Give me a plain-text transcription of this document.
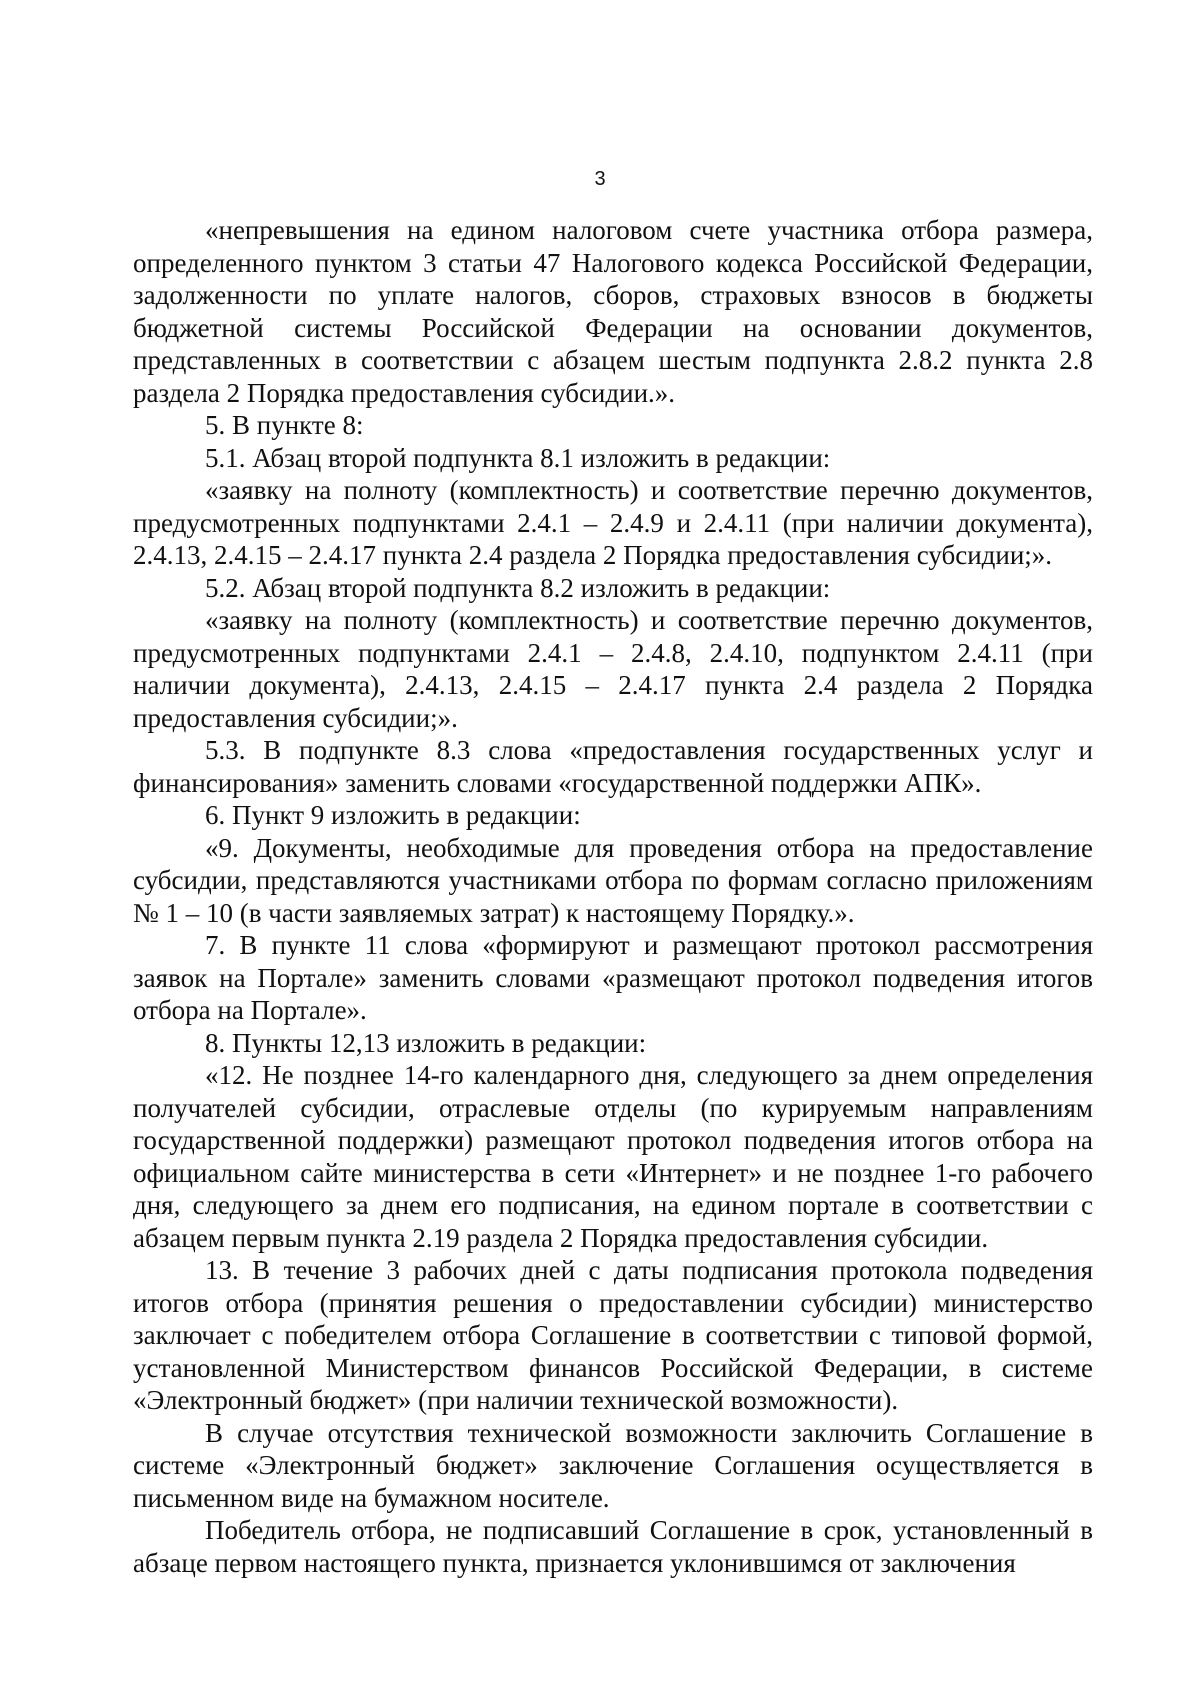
3

«непревышения на едином налоговом счете участника отбора размера, определенного пунктом 3 статьи 47 Налогового кодекса Российской Федерации, задолженности по уплате налогов, сборов, страховых взносов в бюджеты бюджетной системы Российской Федерации на основании документов, представленных в соответствии с абзацем шестым подпункта 2.8.2 пункта 2.8 раздела 2 Порядка предоставления субсидии.».

5. В пункте 8:

5.1. Абзац второй подпункта 8.1 изложить в редакции:

«заявку на полноту (комплектность) и соответствие перечню документов, предусмотренных подпунктами 2.4.1 – 2.4.9 и 2.4.11 (при наличии документа), 2.4.13, 2.4.15 – 2.4.17 пункта 2.4 раздела 2 Порядка предоставления субсидии;».

5.2. Абзац второй подпункта 8.2 изложить в редакции:

«заявку на полноту (комплектность) и соответствие перечню документов, предусмотренных подпунктами 2.4.1 – 2.4.8, 2.4.10, подпунктом 2.4.11 (при наличии документа), 2.4.13, 2.4.15 – 2.4.17 пункта 2.4 раздела 2 Порядка предоставления субсидии;».

5.3. В подпункте 8.3 слова «предоставления государственных услуг и финансирования» заменить словами «государственной поддержки АПК».

6. Пункт 9 изложить в редакции:

«9. Документы, необходимые для проведения отбора на предоставление субсидии, представляются участниками отбора по формам согласно приложениям № 1 – 10 (в части заявляемых затрат) к настоящему Порядку.».

7. В пункте 11 слова «формируют и размещают протокол рассмотрения заявок на Портале» заменить словами «размещают протокол подведения итогов отбора на Портале».

8. Пункты 12,13 изложить в редакции:

«12. Не позднее 14-го календарного дня, следующего за днем определения получателей субсидии, отраслевые отделы (по курируемым направлениям государственной поддержки) размещают протокол подведения итогов отбора на официальном сайте министерства в сети «Интернет» и не позднее 1-го рабочего дня, следующего за днем его подписания, на едином портале в соответствии с абзацем первым пункта 2.19 раздела 2 Порядка предоставления субсидии.

13. В течение 3 рабочих дней с даты подписания протокола подведения итогов отбора (принятия решения о предоставлении субсидии) министерство заключает с победителем отбора Соглашение в соответствии с типовой формой, установленной Министерством финансов Российской Федерации, в системе «Электронный бюджет» (при наличии технической возможности).

В случае отсутствия технической возможности заключить Соглашение в системе «Электронный бюджет» заключение Соглашения осуществляется в письменном виде на бумажном носителе.

Победитель отбора, не подписавший Соглашение в срок, установленный в абзаце первом настоящего пункта, признается уклонившимся от заключения
